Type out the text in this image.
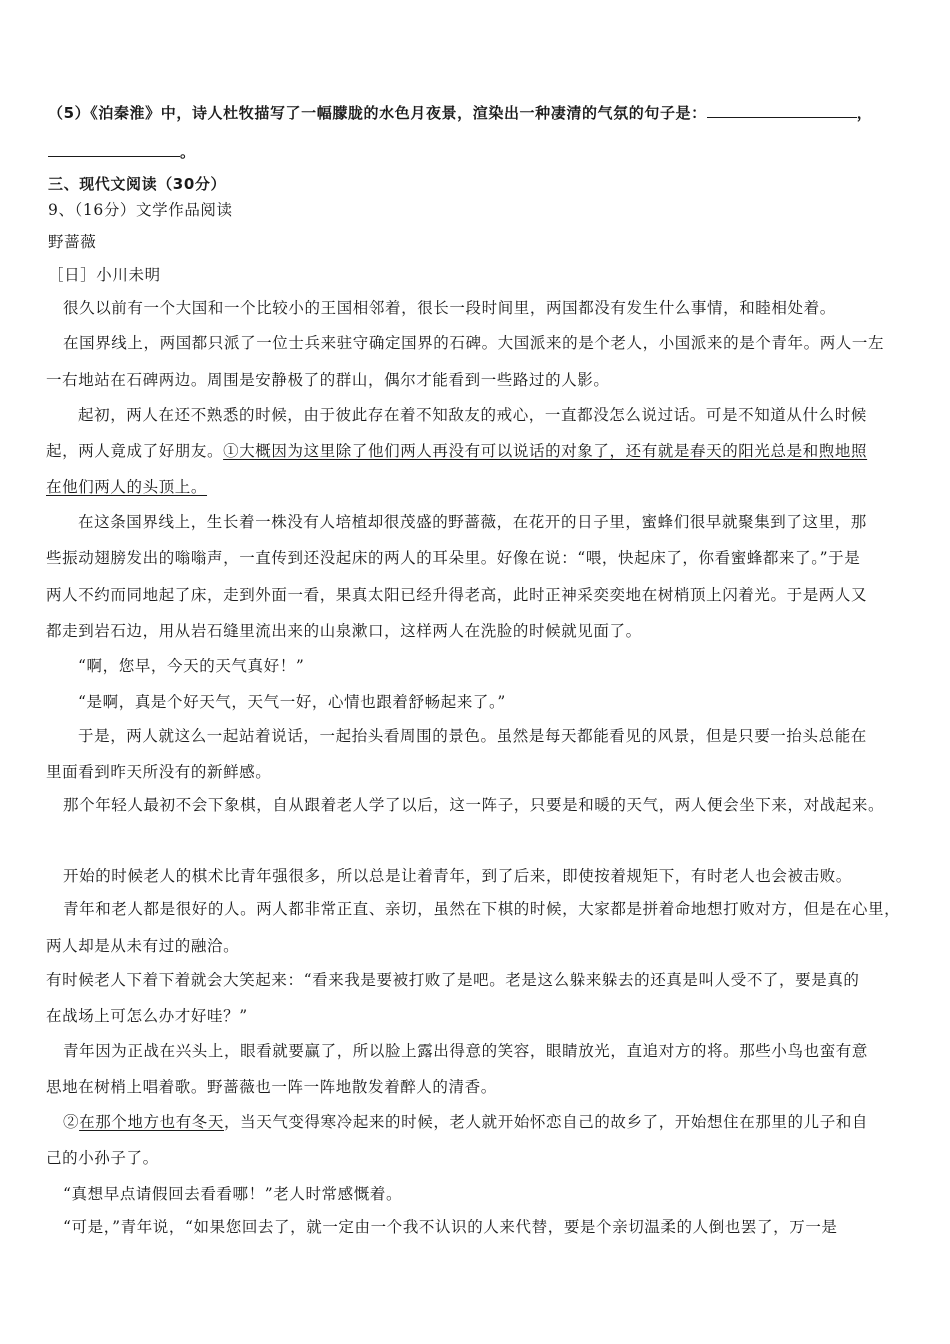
（5）《泊秦淮》中，诗人杜牧描写了一幅朦胧的水色月夜景，渲染出一种凄清的气氛的句子是：	，
。
三、现代文阅读（30分）
9、（16分）文学作品阅读
野蔷薇
［日］小川未明
很久以前有一个大国和一个比较小的王国相邻着，很长一段时间里，两国都没有发生什么事情，和睦相处着。
在国界线上，两国都只派了一位士兵来驻守确定国界的石碑。大国派来的是个老人，小国派来的是个青年。两人一左
一右地站在石碑两边。周围是安静极了的群山，偶尔才能看到一些路过的人影。
起初，两人在还不熟悉的时候，由于彼此存在着不知敌友的戒心，一直都没怎么说过话。可是不知道从什么时候
起，两人竟成了好朋友。①大概因为这里除了他们两人再没有可以说话的对象了，还有就是春天的阳光总是和煦地照
在他们两人的头顶上。
在这条国界线上，生长着一株没有人培植却很茂盛的野蔷薇，在花开的日子里，蜜蜂们很早就聚集到了这里，那
些振动翅膀发出的嗡嗡声，一直传到还没起床的两人的耳朵里。好像在说：“喂，快起床了，你看蜜蜂都来了。”于是
两人不约而同地起了床，走到外面一看，果真太阳已经升得老高，此时正神采奕奕地在树梢顶上闪着光。于是两人又
都走到岩石边，用从岩石缝里流出来的山泉漱口，这样两人在洗脸的时候就见面了。
“啊，您早，今天的天气真好！”
“是啊，真是个好天气，天气一好，心情也跟着舒畅起来了。”
于是，两人就这么一起站着说话，一起抬头看周围的景色。虽然是每天都能看见的风景，但是只要一抬头总能在
里面看到昨天所没有的新鲜感。
那个年轻人最初不会下象棋，自从跟着老人学了以后，这一阵子，只要是和暖的天气，两人便会坐下来，对战起来。
开始的时候老人的棋术比青年强很多，所以总是让着青年，到了后来，即使按着规矩下，有时老人也会被击败。
青年和老人都是很好的人。两人都非常正直、亲切，虽然在下棋的时候，大家都是拼着命地想打败对方，但是在心里，
两人却是从未有过的融洽。
有时候老人下着下着就会大笑起来：“看来我是要被打败了是吧。老是这么躲来躲去的还真是叫人受不了，要是真的
在战场上可怎么办才好哇？”
青年因为正战在兴头上，眼看就要赢了，所以脸上露出得意的笑容，眼睛放光，直追对方的将。那些小鸟也蛮有意
思地在树梢上唱着歌。野蔷薇也一阵一阵地散发着醉人的清香。
②在那个地方也有冬天，当天气变得寒冷起来的时候，老人就开始怀恋自己的故乡了，开始想住在那里的儿子和自
己的小孙子了。
“真想早点请假回去看看哪！”老人时常感慨着。
“可是，”青年说，“如果您回去了，就一定由一个我不认识的人来代替，要是个亲切温柔的人倒也罢了，万一是
